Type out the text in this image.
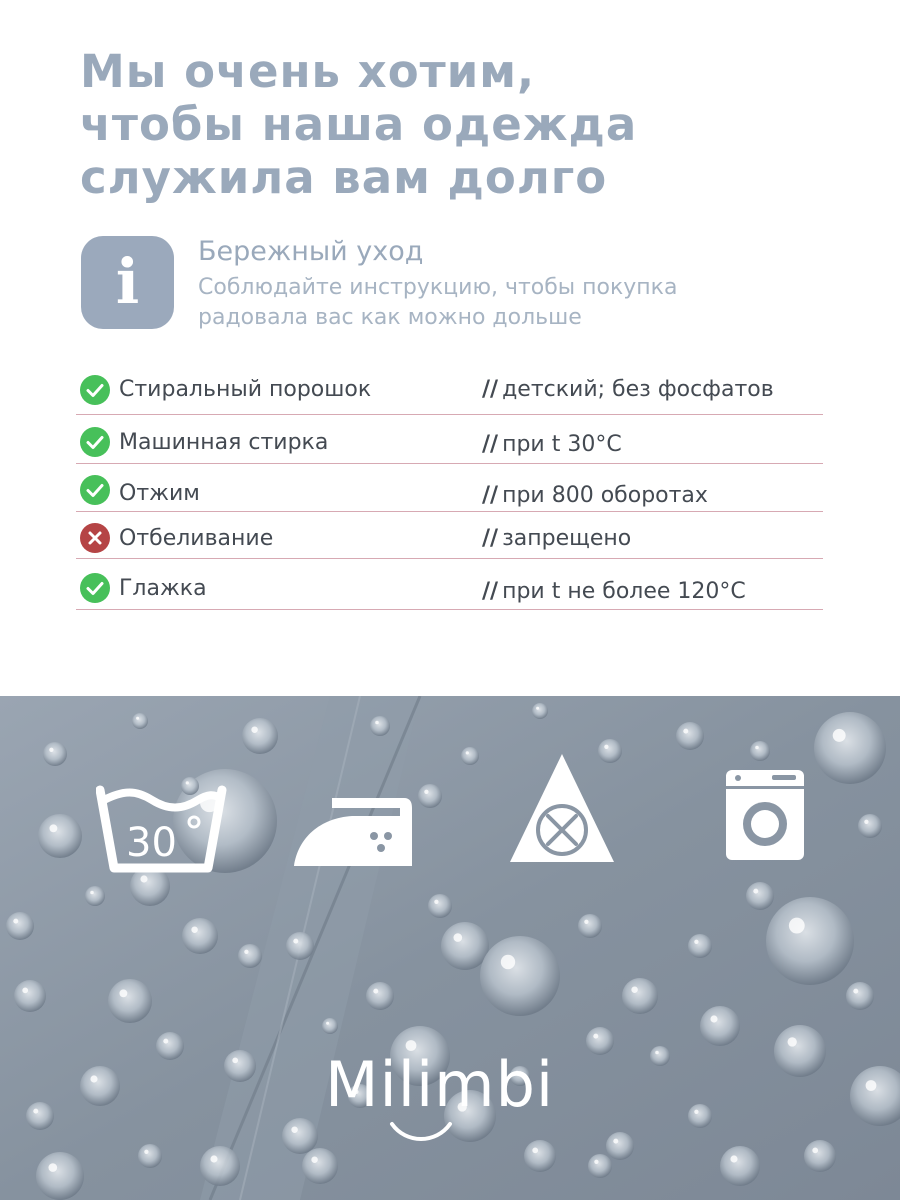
Мы очень хотим,
чтобы наша одежда
служила вам долго
i	Бережный уход
Соблюдайте инструкцию, чтобы покупка
радовала вас как можно дольше
Стиральный порошок	// детский; без фосфатов
Машинная стирка	// при t 30°С
Отжим	// при 800 оборотах
Отбеливание	// запрещено
Глажка	// при t не более 120°С
30
Milimbi
